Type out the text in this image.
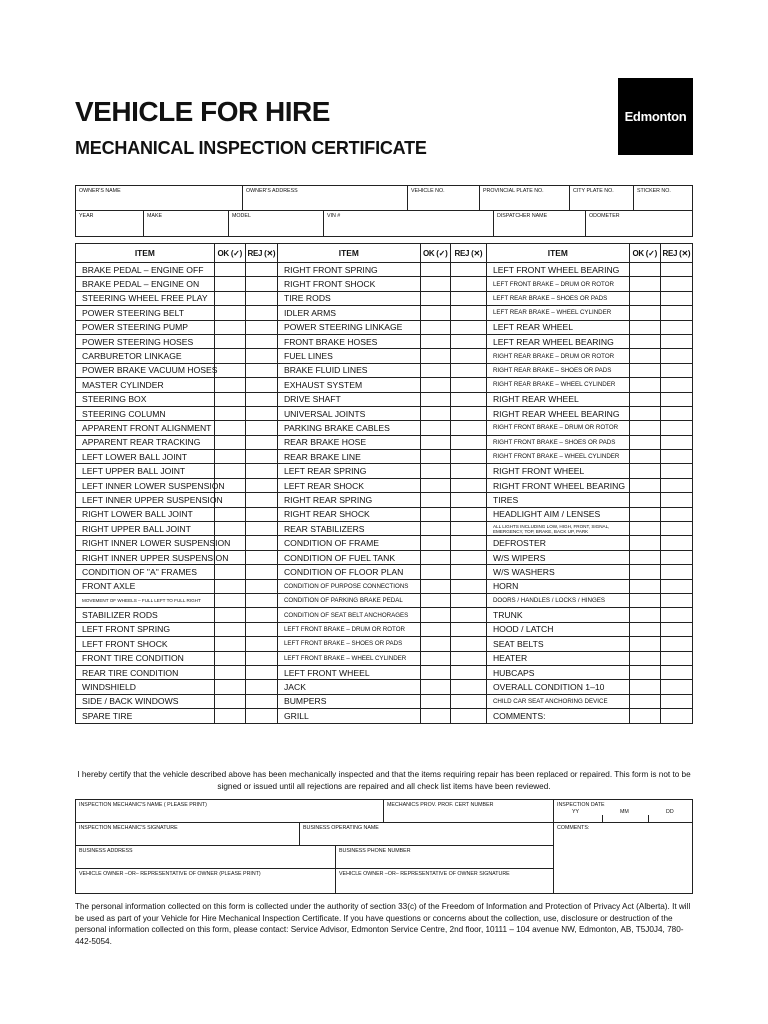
VEHICLE FOR HIRE
MECHANICAL INSPECTION CERTIFICATE
Edmonton
OWNER'S NAME	OWNER'S ADDRESS	VEHICLE NO.	PROVINCIAL PLATE NO.	CITY PLATE NO.	STICKER NO.
YEAR	MAKE	MODEL	VIN #	DISPATCHER NAME	ODOMETER
ITEM	OK (✓)	REJ (✕)	ITEM	OK (✓)	REJ (✕)	ITEM	OK (✓)	REJ (✕)
BRAKE PEDAL – ENGINE OFF			RIGHT FRONT SPRING			LEFT FRONT WHEEL BEARING		
BRAKE PEDAL – ENGINE ON			RIGHT FRONT SHOCK			LEFT FRONT BRAKE – DRUM OR ROTOR		
STEERING WHEEL FREE PLAY			TIRE RODS			LEFT REAR BRAKE – SHOES OR PADS		
POWER STEERING BELT			IDLER ARMS			LEFT REAR BRAKE – WHEEL CYLINDER		
POWER STEERING PUMP			POWER STEERING LINKAGE			LEFT REAR WHEEL		
POWER STEERING HOSES			FRONT BRAKE HOSES			LEFT REAR WHEEL BEARING		
CARBURETOR LINKAGE			FUEL LINES			RIGHT REAR BRAKE – DRUM OR ROTOR		
POWER BRAKE VACUUM HOSES			BRAKE FLUID LINES			RIGHT REAR BRAKE – SHOES OR PADS		
MASTER CYLINDER			EXHAUST SYSTEM			RIGHT REAR BRAKE – WHEEL CYLINDER		
STEERING BOX			DRIVE SHAFT			RIGHT REAR WHEEL		
STEERING COLUMN			UNIVERSAL JOINTS			RIGHT REAR WHEEL BEARING		
APPARENT FRONT ALIGNMENT			PARKING BRAKE CABLES			RIGHT FRONT BRAKE – DRUM OR ROTOR		
APPARENT REAR TRACKING			REAR BRAKE HOSE			RIGHT FRONT BRAKE – SHOES OR PADS		
LEFT LOWER BALL JOINT			REAR BRAKE LINE			RIGHT FRONT BRAKE – WHEEL CYLINDER		
LEFT UPPER BALL JOINT			LEFT REAR SPRING			RIGHT FRONT WHEEL		
LEFT INNER LOWER SUSPENSION			LEFT REAR SHOCK			RIGHT FRONT WHEEL BEARING		
LEFT INNER UPPER SUSPENSION			RIGHT REAR SPRING			TIRES		
RIGHT LOWER BALL JOINT			RIGHT REAR SHOCK			HEADLIGHT AIM / LENSES		
RIGHT UPPER BALL JOINT			REAR STABILIZERS			ALL LIGHTS INCLUDING LOW, HIGH, FRONT, SIGNAL, EMERGENCY, TOP, BRAKE, BACK UP, PARK		
RIGHT INNER LOWER SUSPENSION			CONDITION OF FRAME			DEFROSTER		
RIGHT INNER UPPER SUSPENSION			CONDITION OF FUEL TANK			W/S WIPERS		
CONDITION OF "A" FRAMES			CONDITION OF FLOOR PLAN			W/S WASHERS		
FRONT AXLE			CONDITION OF PURPOSE CONNECTIONS			HORN		
MOVEMENT OF WHEELS – FULL LEFT TO FULL RIGHT			CONDITION OF PARKING BRAKE PEDAL			DOORS / HANDLES / LOCKS / HINGES		
STABILIZER RODS			CONDITION OF SEAT BELT ANCHORAGES			TRUNK		
LEFT FRONT SPRING			LEFT FRONT BRAKE – DRUM OR ROTOR			HOOD / LATCH		
LEFT FRONT SHOCK			LEFT FRONT BRAKE – SHOES OR PADS			SEAT BELTS		
FRONT TIRE CONDITION			LEFT FRONT BRAKE – WHEEL CYLINDER			HEATER		
REAR TIRE CONDITION			LEFT FRONT WHEEL			HUBCAPS		
WINDSHIELD			JACK			OVERALL CONDITION 1–10		
SIDE / BACK WINDOWS			BUMPERS			CHILD CAR SEAT ANCHORING DEVICE		
SPARE TIRE			GRILL			COMMENTS:		

I hereby certify that the vehicle described above has been mechanically inspected and that the items requiring repair has been replaced or repaired. This form is not to be signed or issued until all rejections are repaired and all check list items have been reviewed.

INSPECTION MECHANIC'S NAME ( PLEASE PRINT)	MECHANICS PROV. PROF. CERT NUMBER	INSPECTION DATE
YY	MM	DD
INSPECTION MECHANIC'S SIGNATURE	BUSINESS OPERATING NAME	COMMENTS:
BUSINESS ADDRESS	BUSINESS PHONE NUMBER
VEHICLE OWNER –OR– REPRESENTATIVE OF OWNER (PLEASE PRINT)	VEHICLE OWNER –OR– REPRESENTATIVE OF OWNER SIGNATURE

The personal information collected on this form is collected under the authority of section 33(c) of the Freedom of Information and Protection of Privacy Act (Alberta). It will be used as part of your Vehicle for Hire Mechanical Inspection Certificate. If you have questions or concerns about the collection, use, disclosure or destruction of the personal information collected on this form, please contact: Service Advisor, Edmonton Service Centre, 2nd floor, 10111 – 104 avenue NW, Edmonton, AB, T5J0J4, 780-442-5054.
